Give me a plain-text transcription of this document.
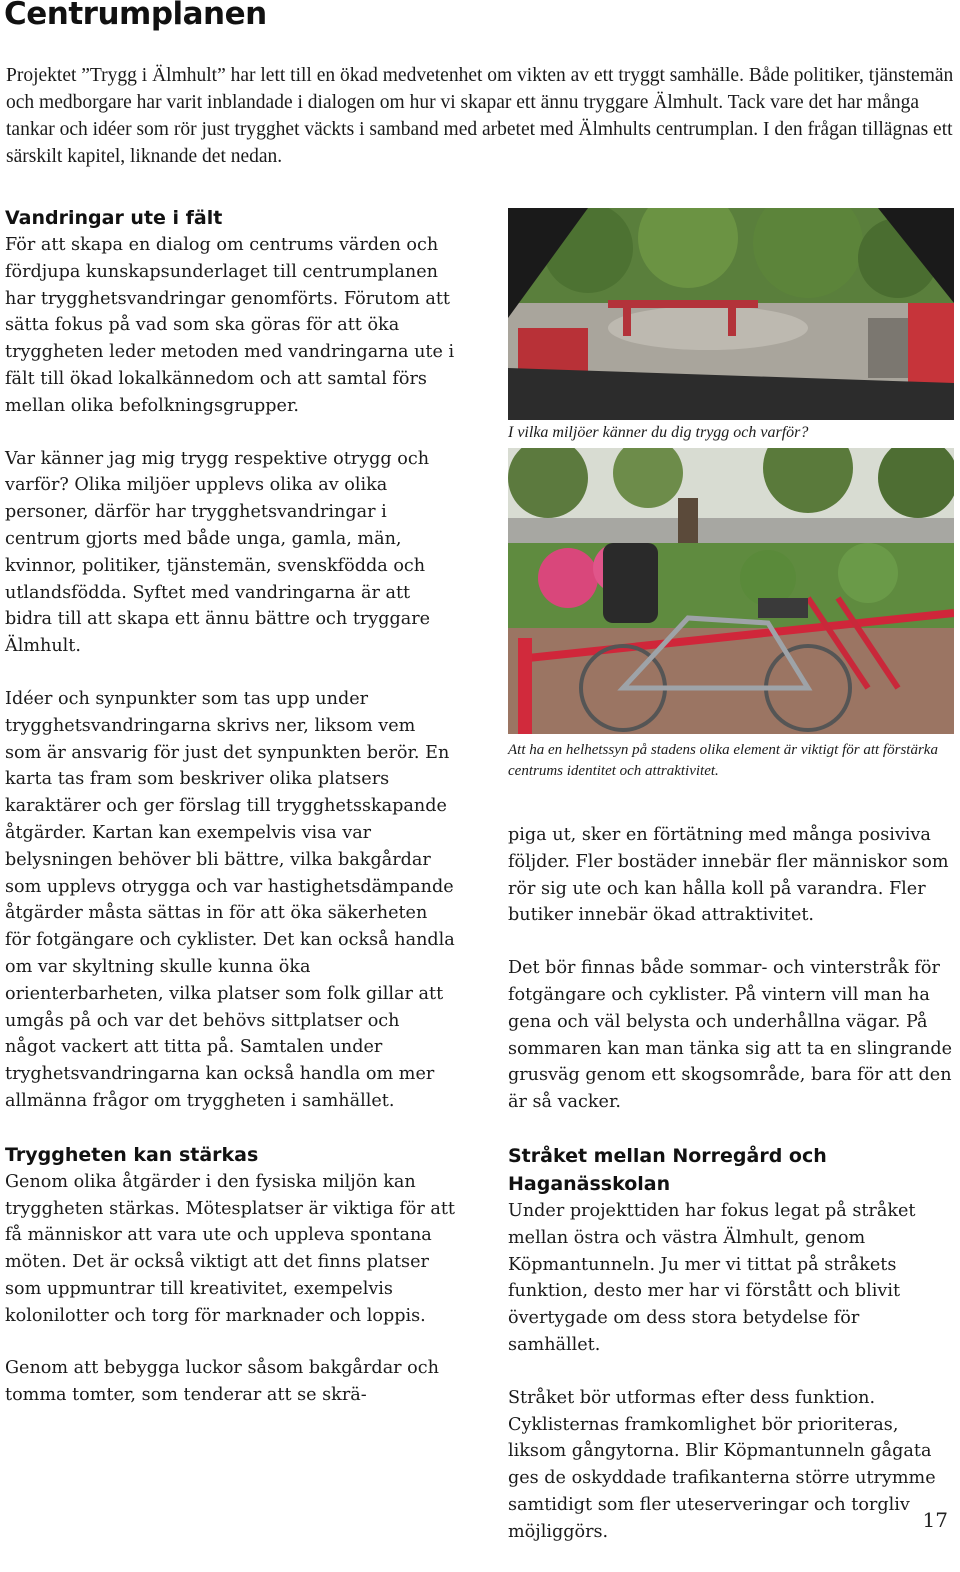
Centrumplanen

Projektet ”Trygg i Älmhult” har lett till en ökad medvetenhet om vikten av ett tryggt samhälle. Både politiker, tjänstemän och medborgare har varit inblandade i dialogen om hur vi skapar ett ännu tryggare Älmhult. Tack vare det har många tankar och idéer som rör just trygghet väckts i samband med arbetet med Älmhults centrumplan. I den frågan tillägnas ett särskilt kapitel, liknande det nedan.

Vandringar ute i fält

För att skapa en dialog om centrums värden och fördjupa kunskapsunderlaget till centrumplanen har trygghetsvandringar genomförts. Förutom att sätta fokus på vad som ska göras för att öka tryggheten leder metoden med vandringarna ute i fält till ökad lokalkännedom och att samtal förs mellan olika befolkningsgrupper.

Var känner jag mig trygg respektive otrygg och varför? Olika miljöer upplevs olika av olika personer, därför har trygghetsvandringar i centrum gjorts med både unga, gamla, män, kvinnor, politiker, tjänstemän, svenskfödda och utlandsfödda. Syftet med vandringarna är att bidra till att skapa ett ännu bättre och tryggare Älmhult.

Idéer och synpunkter som tas upp under trygghetsvandringarna skrivs ner, liksom vem som är ansvarig för just det synpunkten berör. En karta tas fram som beskriver olika platsers karaktärer och ger förslag till trygghetsskapande åtgärder. Kartan kan exempelvis visa var belysningen behöver bli bättre, vilka bakgårdar som upplevs otrygga och var hastighetsdämpande åtgärder måsta sättas in för att öka säkerheten för fotgängare och cyklister. Det kan också handla om var skyltning skulle kunna öka orienterbarheten, vilka platser som folk gillar att umgås på och var det behövs sittplatser och något vackert att titta på. Samtalen under tryghetsvandringarna kan också handla om mer allmänna frågor om tryggheten i samhället.

Tryggheten kan stärkas

Genom olika åtgärder i den fysiska miljön kan tryggheten stärkas. Mötesplatser är viktiga för att få människor att vara ute och uppleva spontana möten. Det är också viktigt att det finns platser som uppmuntrar till kreativitet, exempelvis kolonilotter och torg för marknader och loppis.

Genom att bebygga luckor såsom bakgårdar och tomma tomter, som tenderar att se skrä-

I vilka miljöer känner du dig trygg och varför?

Att ha en helhetssyn på stadens olika element är viktigt för att förstärka centrums identitet och attraktivitet.

piga ut, sker en förtätning med många posiviva följder. Fler bostäder innebär fler människor som rör sig ute och kan hålla koll på varandra. Fler butiker innebär ökad attraktivitet.

Det bör finnas både sommar- och vinterstråk för fotgängare och cyklister. På vintern vill man ha gena och väl belysta och underhållna vägar. På sommaren kan man tänka sig att ta en slingrande grusväg genom ett skogsområde, bara för att den är så vacker.

Stråket mellan Norregård och Haganässkolan

Under projekttiden har fokus legat på stråket mellan östra och västra Älmhult, genom Köpmantunneln. Ju mer vi tittat på stråkets funktion, desto mer har vi förstått och blivit övertygade om dess stora betydelse för samhället.

Stråket bör utformas efter dess funktion. Cyklisternas framkomlighet bör prioriteras, liksom gångytorna. Blir Köpmantunneln gågata ges de oskyddade trafikanterna större utrymme samtidigt som fler uteserveringar och torgliv möjliggörs.	17
